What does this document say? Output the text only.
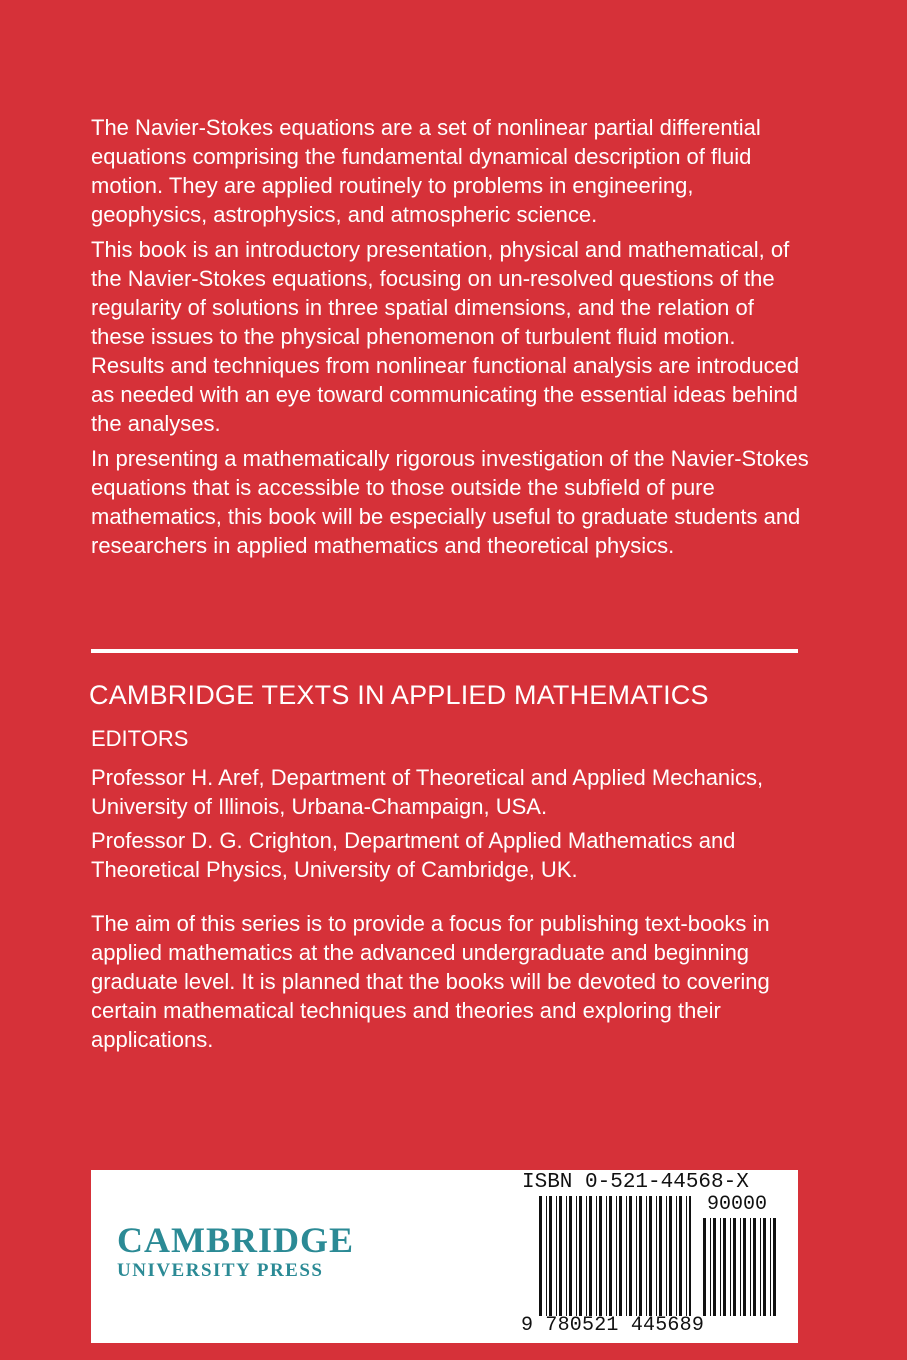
The Navier-Stokes equations are a set of nonlinear partial differential equations comprising the fundamental dynamical description of fluid motion. They are applied routinely to problems in engineering, geophysics, astrophysics, and atmospheric science.

This book is an introductory presentation, physical and mathematical, of the Navier-Stokes equations, focusing on un-resolved questions of the regularity of solutions in three spatial dimensions, and the relation of these issues to the physical phenomenon of turbulent fluid motion. Results and techniques from nonlinear functional analysis are introduced as needed with an eye toward communicating the essential ideas behind the analyses.

In presenting a mathematically rigorous investigation of the Navier-Stokes equations that is accessible to those outside the subfield of pure mathematics, this book will be especially useful to graduate students and researchers in applied mathematics and theoretical physics.

CAMBRIDGE TEXTS IN APPLIED MATHEMATICS
EDITORS

Professor H. Aref, Department of Theoretical and Applied Mechanics, University of Illinois, Urbana-Champaign, USA.

Professor D. G. Crighton, Department of Applied Mathematics and Theoretical Physics, University of Cambridge, UK.

The aim of this series is to provide a focus for publishing text-books in applied mathematics at the advanced undergraduate and beginning graduate level. It is planned that the books will be devoted to covering certain mathematical techniques and theories and exploring their applications.

CAMBRIDGE
UNIVERSITY PRESS
ISBN 0-521-44568-X
90000
9 780521 445689
